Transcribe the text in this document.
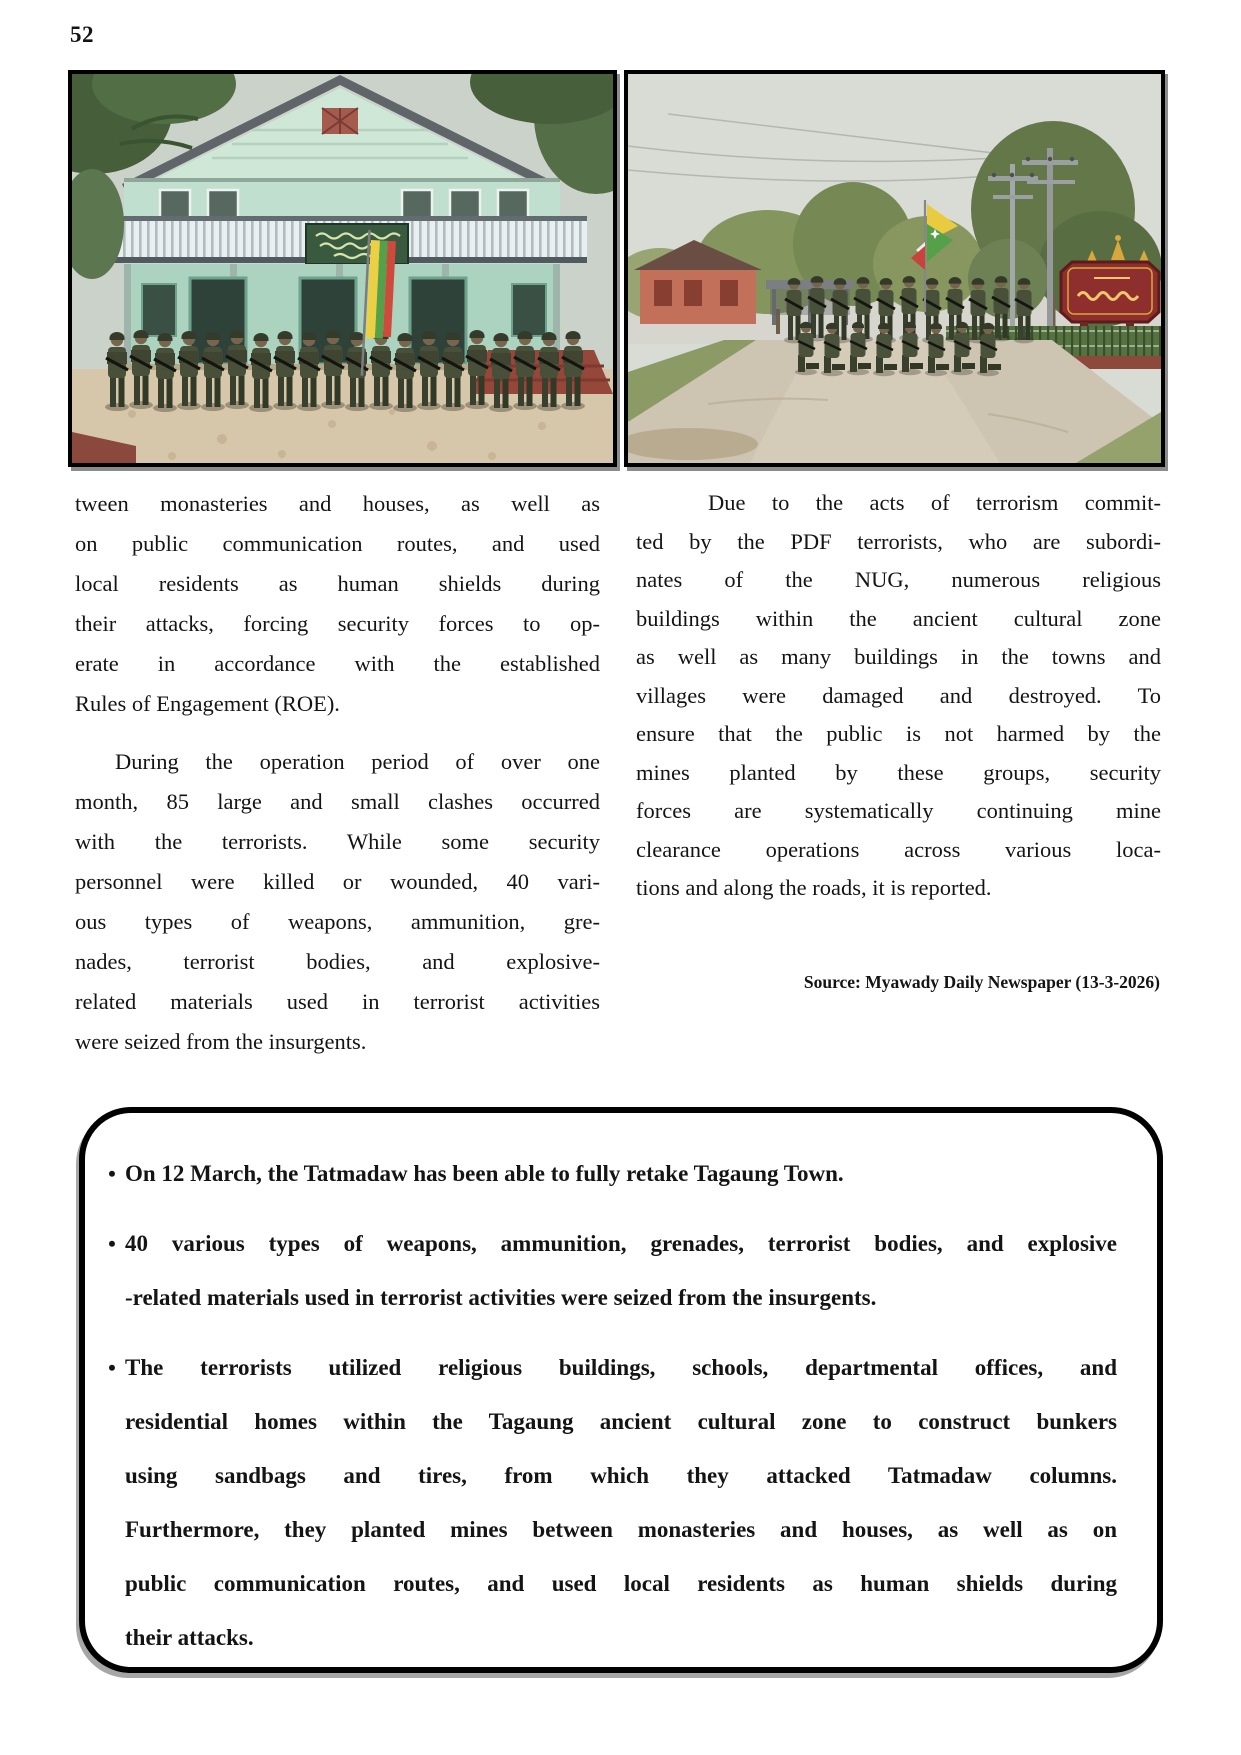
52
tween monasteries and houses, as well as
on public communication routes, and used
local residents as human shields during
their attacks, forcing security forces to op-
erate in accordance with the established
Rules of Engagement (ROE).
During the operation period of over one
month, 85 large and small clashes occurred
with the terrorists. While some security
personnel were killed or wounded, 40 vari-
ous types of weapons, ammunition, gre-
nades, terrorist bodies, and explosive-
related materials used in terrorist activities
were seized from the insurgents.
Due to the acts of terrorism commit-
ted by the PDF terrorists, who are subordi-
nates of the NUG, numerous religious
buildings within the ancient cultural zone
as well as many buildings in the towns and
villages were damaged and destroyed. To
ensure that the public is not harmed by the
mines planted by these groups, security
forces are systematically continuing mine
clearance operations across various loca-
tions and along the roads, it is reported.
Source: Myawady Daily Newspaper (13-3-2026)
• On 12 March, the Tatmadaw has been able to fully retake Tagaung Town.
• 40 various types of weapons, ammunition, grenades, terrorist bodies, and explosive
-related materials used in terrorist activities were seized from the insurgents.
• The terrorists utilized religious buildings, schools, departmental offices, and
residential homes within the Tagaung ancient cultural zone to construct bunkers
using sandbags and tires, from which they attacked Tatmadaw columns.
Furthermore, they planted mines between monasteries and houses, as well as on
public communication routes, and used local residents as human shields during
their attacks.
